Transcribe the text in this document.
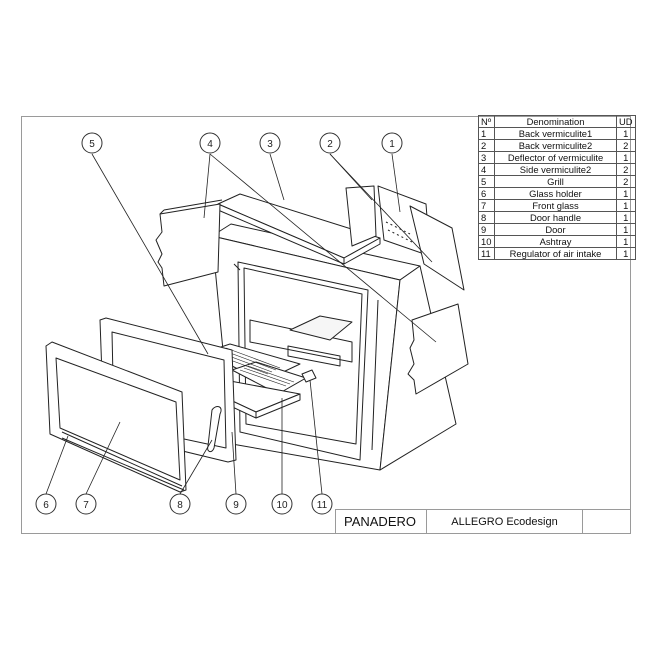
1
2
3
4
5
6	7	8	9	10	11
Nº	Denomination	UD
1	Back vermiculite1	1
2	Back vermiculite2	2
3	Deflector of vermiculite	1
4	Side vermiculite2	2
5	Grill	2
6	Glass holder	1
7	Front glass	1
8	Door handle	1
9	Door	1
10	Ashtray	1
11	Regulator of air intake	1
PANADERO	ALLEGRO Ecodesign
